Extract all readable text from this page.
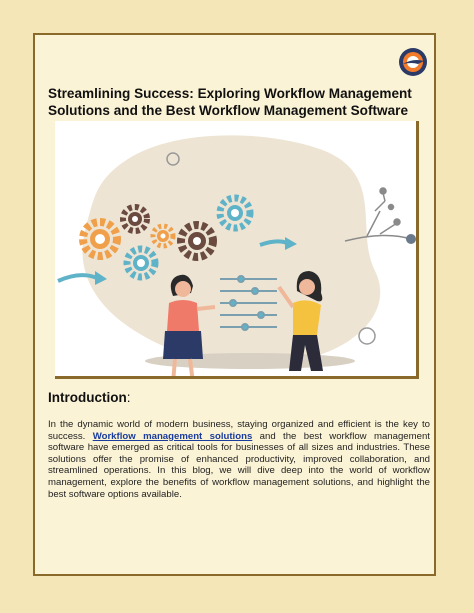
Streamlining Success: Exploring Workflow Management Solutions and the Best Workflow Management Software
Introduction:

In the dynamic world of modern business, staying organized and efficient is the key to success. Workflow management solutions and the best workflow management software have emerged as critical tools for businesses of all sizes and industries. These solutions offer the promise of enhanced productivity, improved collaboration, and streamlined operations. In this blog, we will dive deep into the world of workflow management, explore the benefits of workflow management solutions, and highlight the best software options available.
